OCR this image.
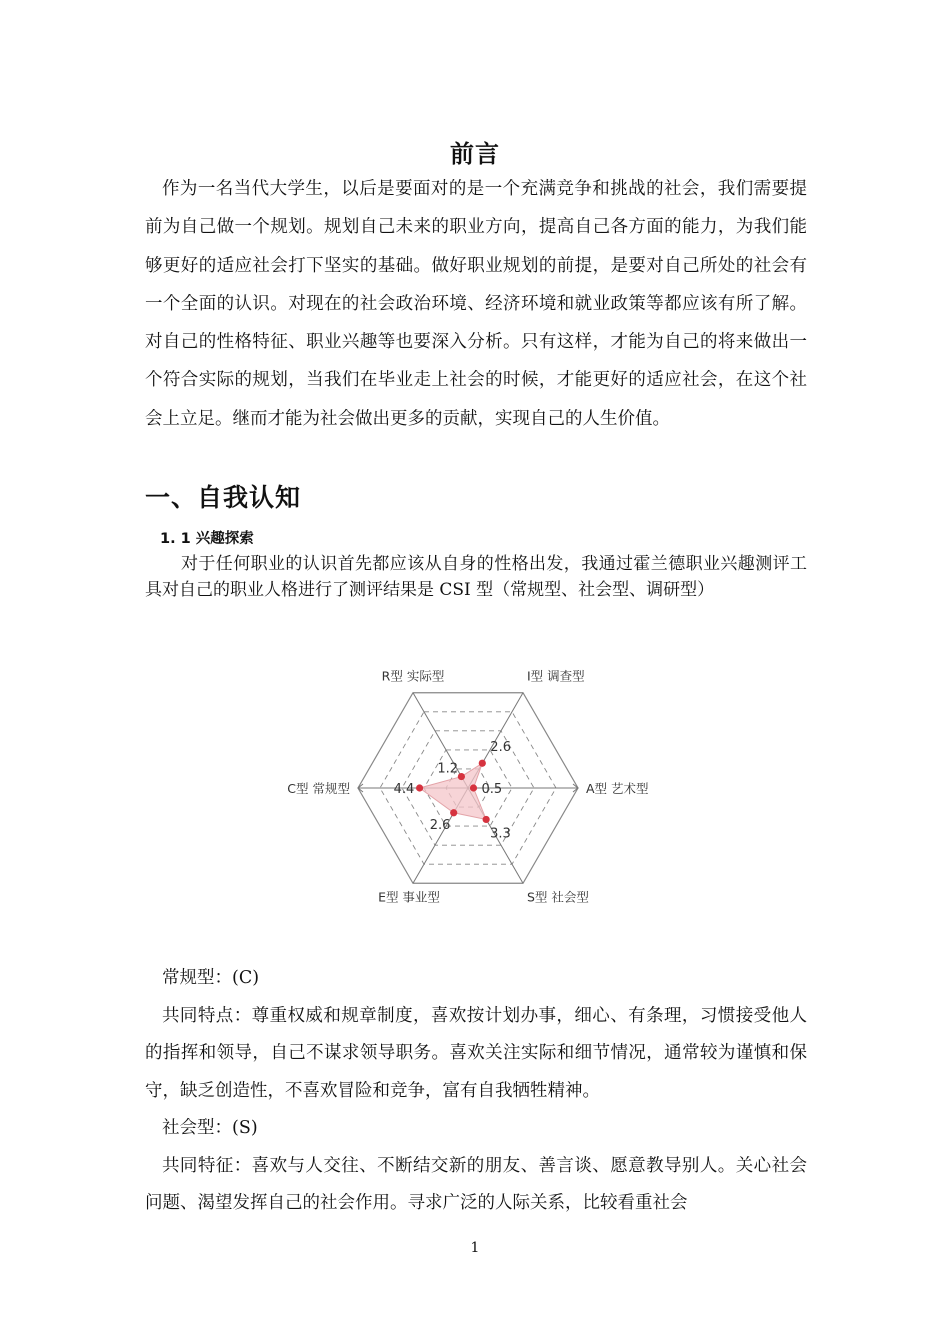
前言
作为一名当代大学生，以后是要面对的是一个充满竞争和挑战的社会，我们需要提前为自己做一个规划。规划自己未来的职业方向，提高自己各方面的能力，为我们能够更好的适应社会打下坚实的基础。做好职业规划的前提，是要对自己所处的社会有一个全面的认识。对现在的社会政治环境、经济环境和就业政策等都应该有所了解。对自己的性格特征、职业兴趣等也要深入分析。只有这样，才能为自己的将来做出一个符合实际的规划，当我们在毕业走上社会的时候，才能更好的适应社会，在这个社会上立足。继而才能为社会做出更多的贡献，实现自己的人生价值。
一、自我认知
1. 1 兴趣探索
对于任何职业的认识首先都应该从自身的性格出发，我通过霍兰德职业兴趣测评工具对自己的职业人格进行了测评结果是 CSI 型（常规型、社会型、调研型）
1.2
2.6
0.5
3.3
2.6
4.4
R型 实际型	I型 调查型
A型 艺术型
S型 社会型
E型 事业型
C型 常规型
常规型：(C)
共同特点：尊重权威和规章制度，喜欢按计划办事，细心、有条理，习惯接受他人的指挥和领导，自己不谋求领导职务。喜欢关注实际和细节情况，通常较为谨慎和保守，缺乏创造性，不喜欢冒险和竞争，富有自我牺牲精神。
社会型：(S)
共同特征：喜欢与人交往、不断结交新的朋友、善言谈、愿意教导别人。关心社会问题、渴望发挥自己的社会作用。寻求广泛的人际关系，比较看重社会
1
